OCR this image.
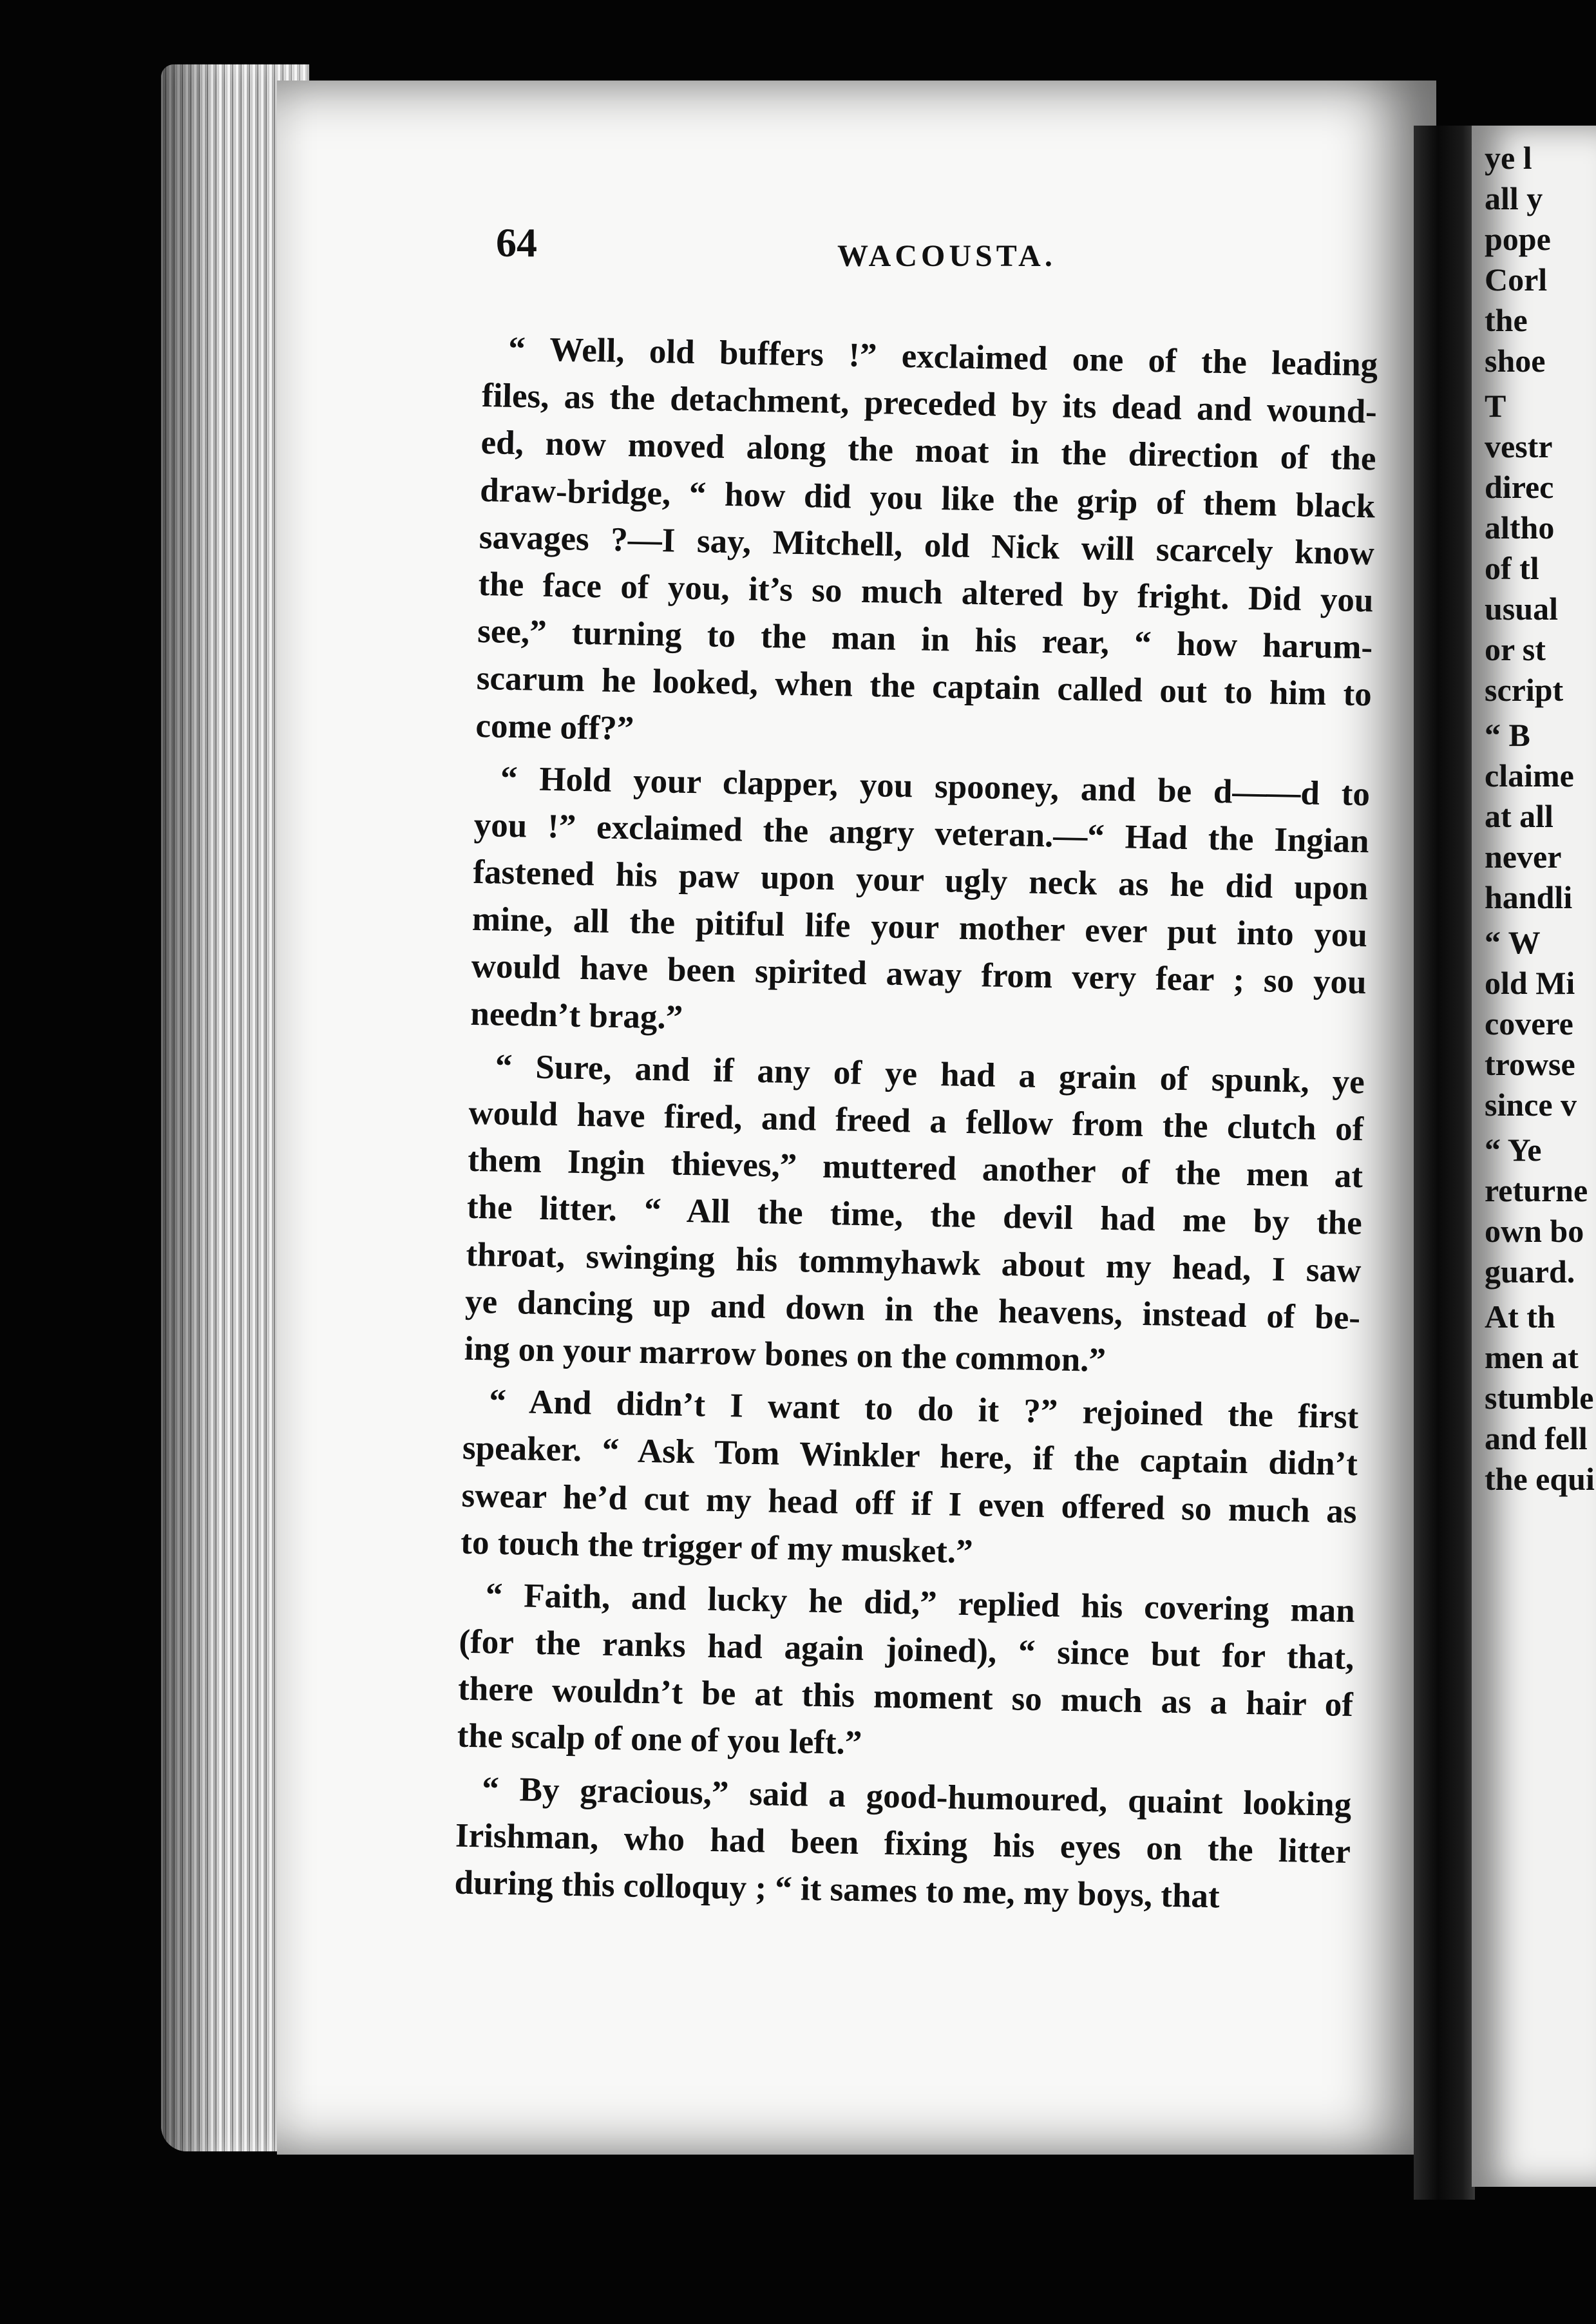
ye l
all y
pope
Corl
the
shoe
T
vestr
direc
altho
of tl
usual
or st
script
“ B
claime
at all
never
handli
“ W
old Mi
covere
trowse
since v
“ Ye
returne
own bo
guard.
At th
men at
stumble
and fell
the equi
64	WACOUSTA.
“ Well, old buffers !” exclaimed one of the leading
files, as the detachment, preceded by its dead and wound-
ed, now moved along the moat in the direction of the
draw-bridge, “ how did you like the grip of them black
savages ?—I say, Mitchell, old Nick will scarcely know
the face of you, it’s so much altered by fright. Did you
see,” turning to the man in his rear, “ how harum-
scarum he looked, when the captain called out to him to
come off?”
“ Hold your clapper, you spooney, and be d——d to
you !” exclaimed the angry veteran.—“ Had the Ingian
fastened his paw upon your ugly neck as he did upon
mine, all the pitiful life your mother ever put into you
would have been spirited away from very fear ; so you
needn’t brag.”
“ Sure, and if any of ye had a grain of spunk, ye
would have fired, and freed a fellow from the clutch of
them Ingin thieves,” muttered another of the men at
the litter. “ All the time, the devil had me by the
throat, swinging his tommyhawk about my head, I saw
ye dancing up and down in the heavens, instead of be-
ing on your marrow bones on the common.”
“ And didn’t I want to do it ?” rejoined the first
speaker. “ Ask Tom Winkler here, if the captain didn’t
swear he’d cut my head off if I even offered so much as
to touch the trigger of my musket.”
“ Faith, and lucky he did,” replied his covering man
(for the ranks had again joined), “ since but for that,
there wouldn’t be at this moment so much as a hair of
the scalp of one of you left.”
“ By gracious,” said a good-humoured, quaint looking
Irishman, who had been fixing his eyes on the litter
during this colloquy ; “ it sames to me, my boys, that
